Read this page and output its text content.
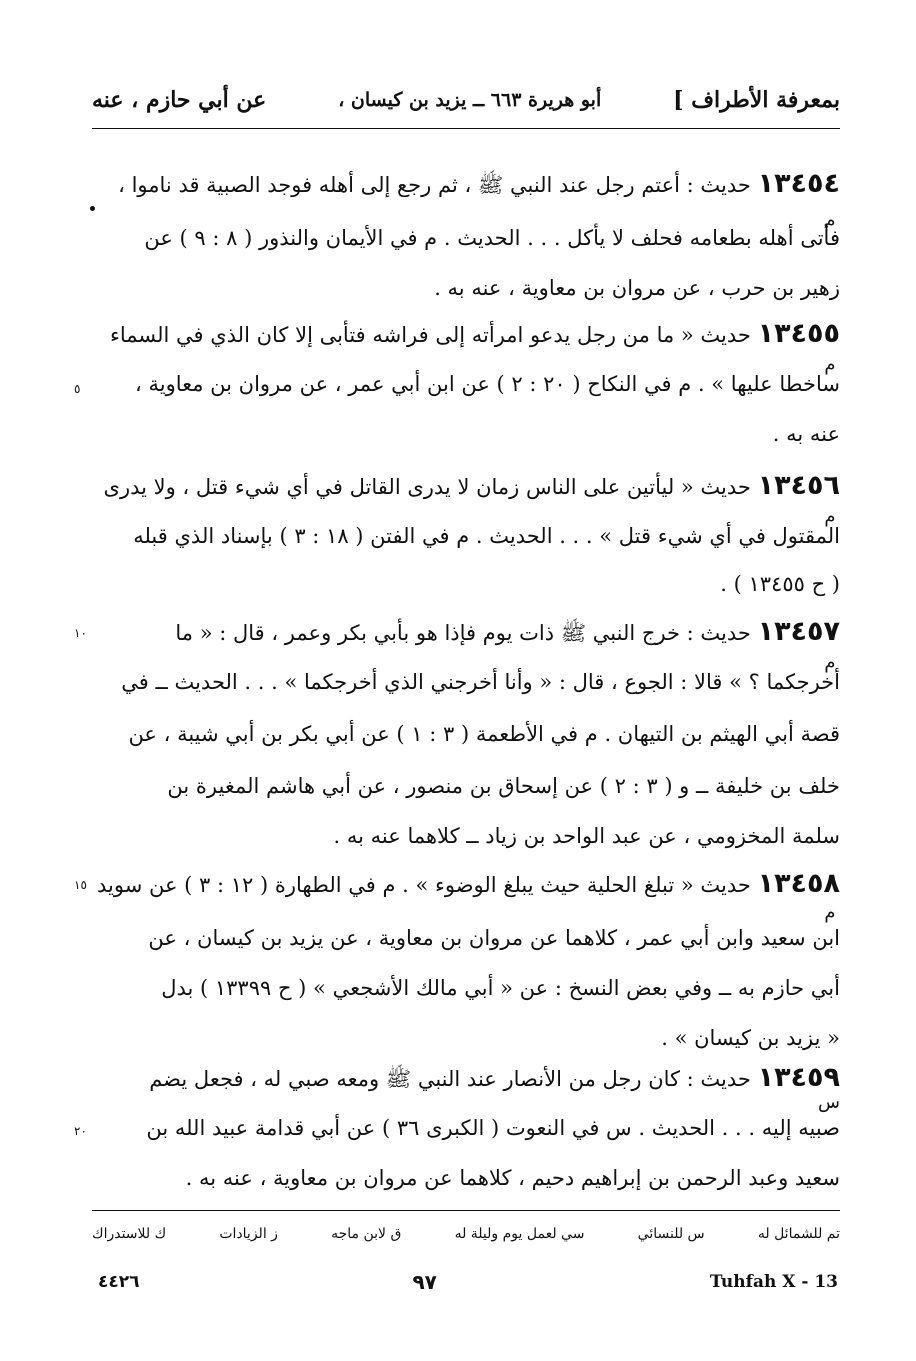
بمعرفة الأطراف ]
أبو هريرة ٦٦٣ ــ يزيد بن كيسان ،
عن أبي حازم ، عنه
١٣٤٥٤ حديث : أعتم رجل عند النبي ﷺ ، ثم رجع إلى أهله فوجد الصبية قد ناموا ،
م
فأتى أهله بطعامه فحلف لا يأكل . . . الحديث . م في الأيمان والنذور ( ٨ : ٩ ) عن
زهير بن حرب ، عن مروان بن معاوية ، عنه به .
١٣٤٥٥ حديث « ما من رجل يدعو امرأته إلى فراشه فتأبى إلا كان الذي في السماء
م
ساخطا عليها » . م في النكاح ( ٢٠ : ٢ ) عن ابن أبي عمر ، عن مروان بن معاوية ،
عنه به .
١٣٤٥٦ حديث « ليأتين على الناس زمان لا يدرى القاتل في أي شيء قتل ، ولا يدرى
م
المقتول في أي شيء قتل » . . . الحديث . م في الفتن ( ١٨ : ٣ ) بإسناد الذي قبله
( ح ١٣٤٥٥ ) .
١٣٤٥٧ حديث : خرج النبي ﷺ ذات يوم فإذا هو بأبي بكر وعمر ، قال : « ما
م
أخرجكما ؟ » قالا : الجوع ، قال : « وأنا أخرجني الذي أخرجكما » . . . الحديث ــ في
قصة أبي الهيثم بن التيهان . م في الأطعمة ( ٣ : ١ ) عن أبي بكر بن أبي شيبة ، عن
خلف بن خليفة ــ و ( ٣ : ٢ ) عن إسحاق بن منصور ، عن أبي هاشم المغيرة بن
سلمة المخزومي ، عن عبد الواحد بن زياد ــ كلاهما عنه به .
١٣٤٥٨ حديث « تبلغ الحلية حيث يبلغ الوضوء » . م في الطهارة ( ١٢ : ٣ ) عن سويد
م
ابن سعيد وابن أبي عمر ، كلاهما عن مروان بن معاوية ، عن يزيد بن كيسان ، عن
أبي حازم به ــ وفي بعض النسخ : عن « أبي مالك الأشجعي » ( ح ١٣٣٩٩ ) بدل
« يزيد بن كيسان » .
١٣٤٥٩ حديث : كان رجل من الأنصار عند النبي ﷺ ومعه صبي له ، فجعل يضم
س
صبيه إليه . . . الحديث . س في النعوت ( الكبرى ٣٦ ) عن أبي قدامة عبيد الله بن
سعيد وعبد الرحمن بن إبراهيم دحيم ، كلاهما عن مروان بن معاوية ، عنه به .
٥
١٠
١٥
٢٠
تم للشمائل له
س للنسائي
سي لعمل يوم وليلة له
ق لابن ماجه
ز الزيادات
ك للاستدراك
٤٤٢٦	٩٧	Tuhfah X - 13
